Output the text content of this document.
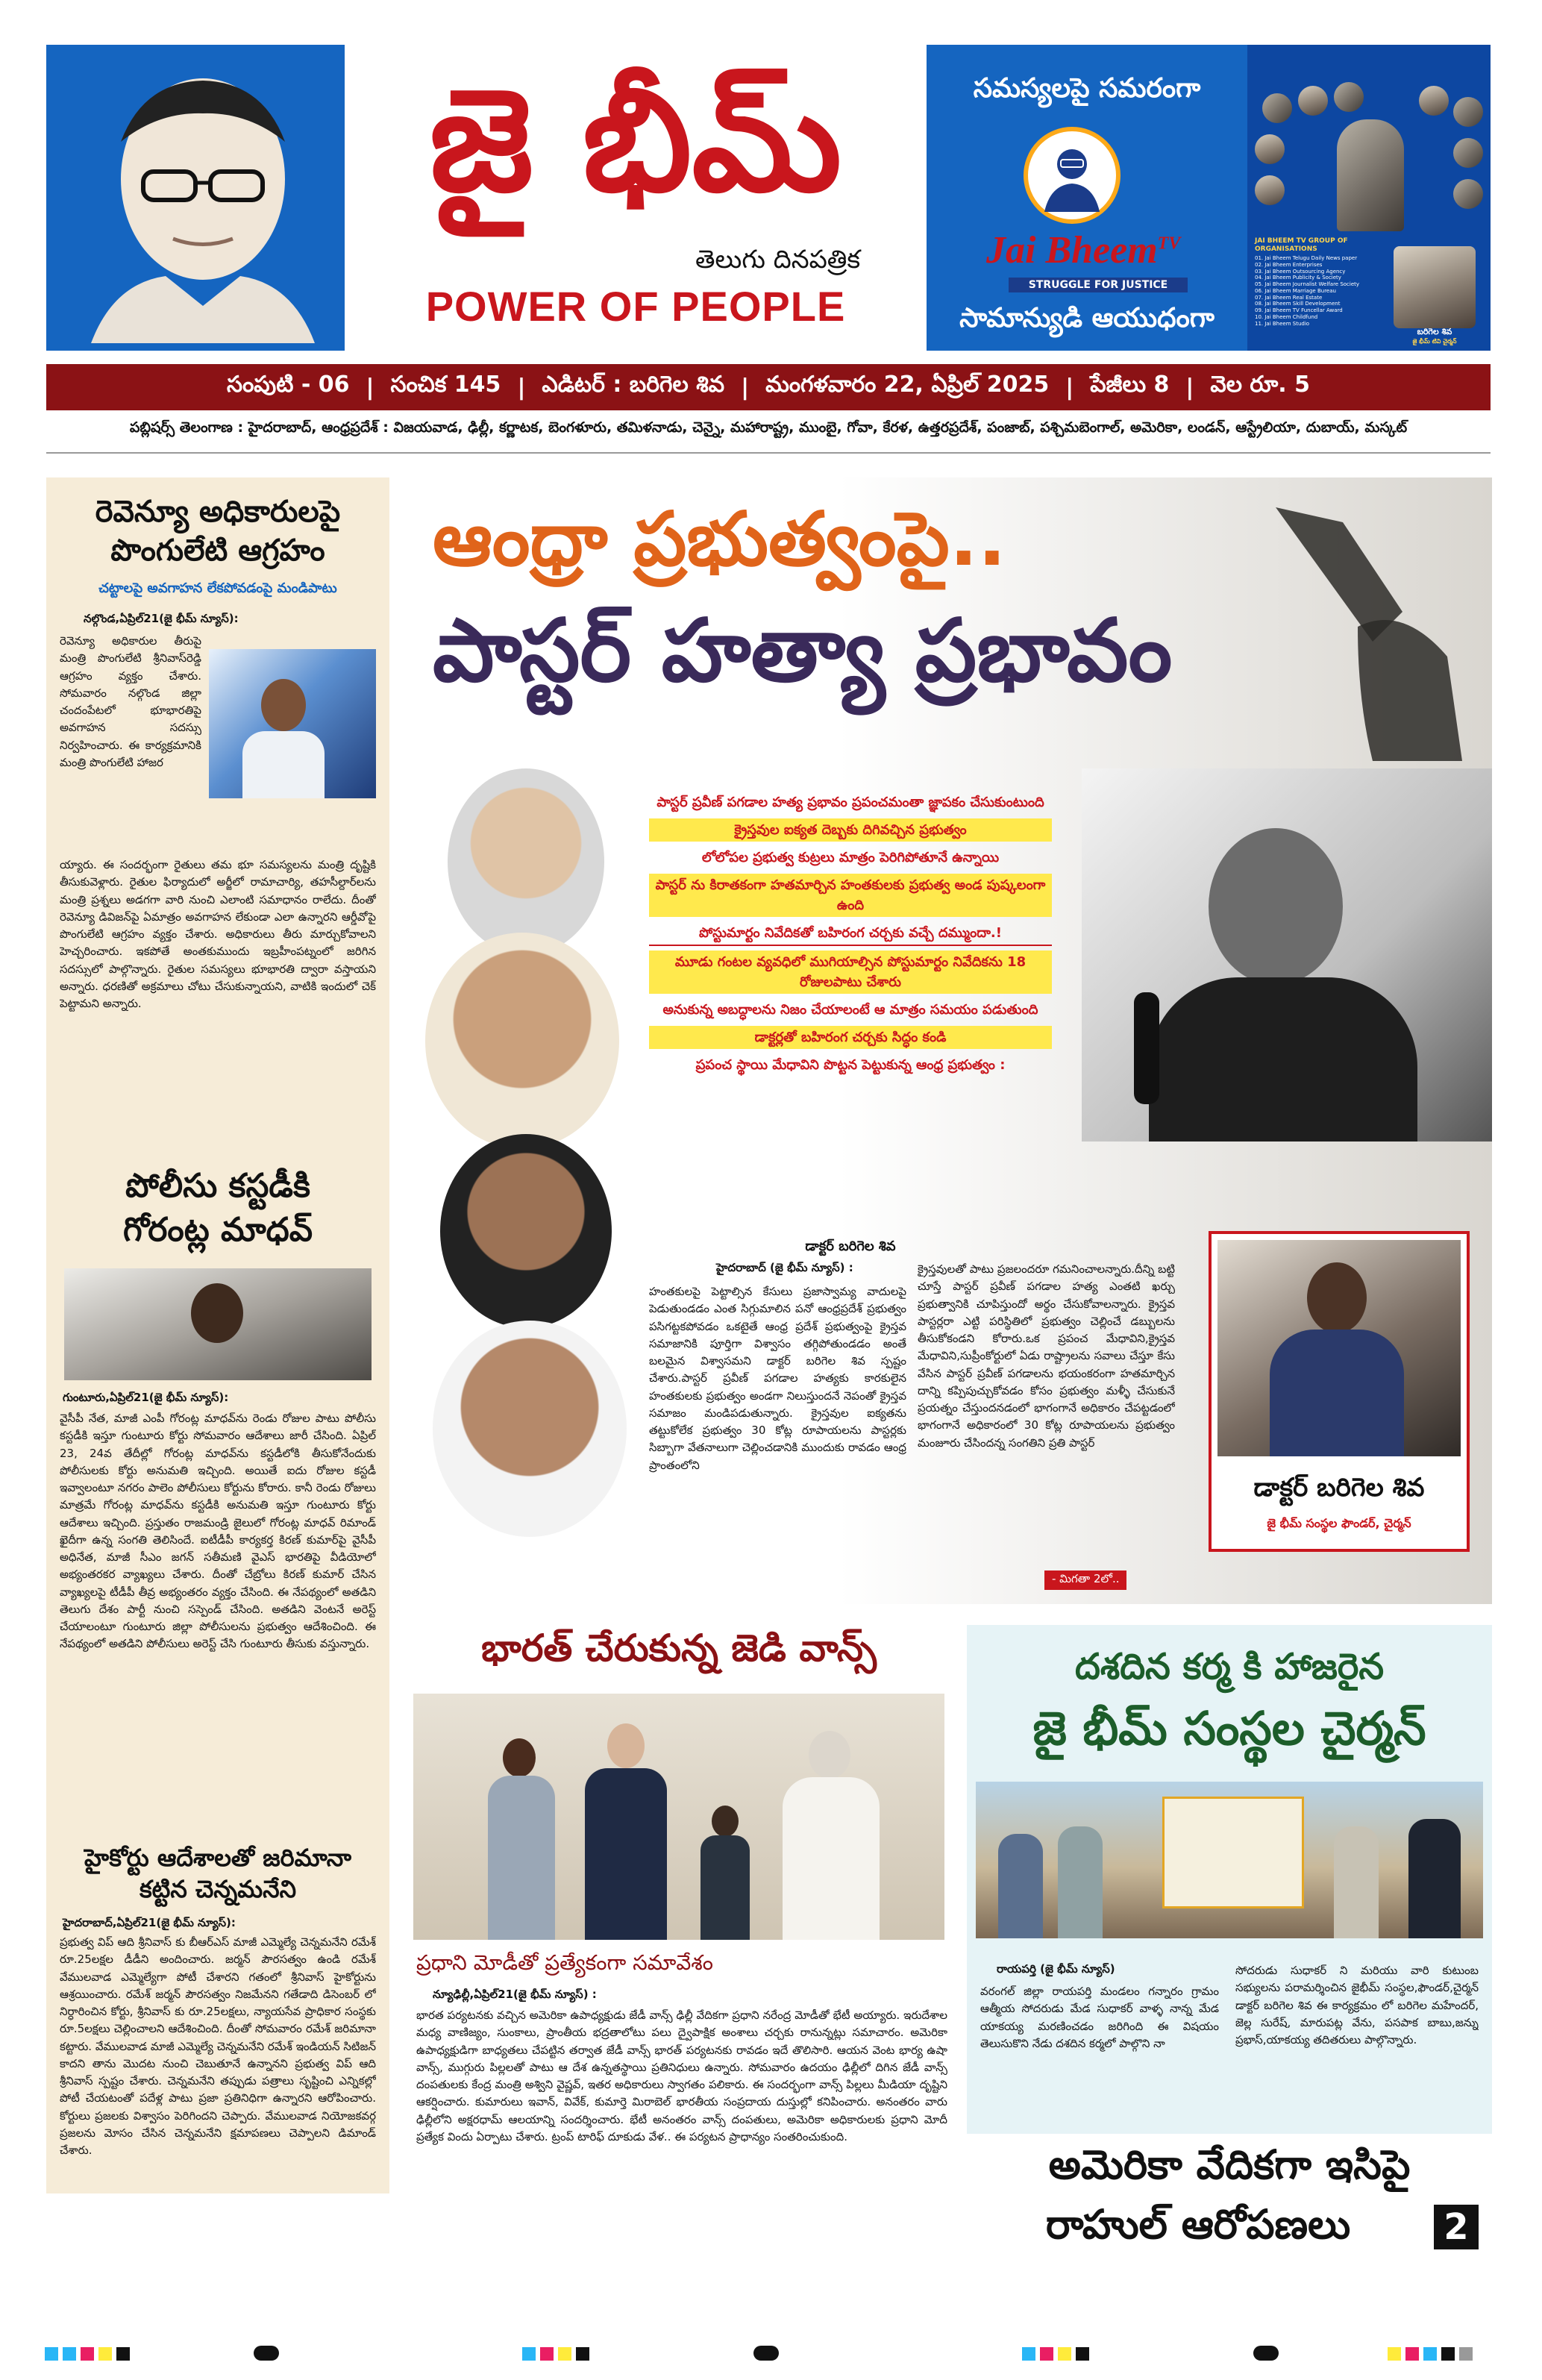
జై భీమ్
తెలుగు దినపత్రిక
POWER OF PEOPLE
సమస్యలపై సమరంగా
Jai Bheem$^{TV}$
STRUGGLE FOR JUSTICE
సామాన్యుడి ఆయుధంగా
JAI BHEEM TV GROUP OF ORGANISATIONS
01. Jai Bheem Telugu Daily News paper
02. Jai Bheem Enterprises
03. Jai Bheem Outsourcing Agency
04. Jai Bheem Publicity & Society
05. Jai Bheem Journalist Welfare Society
06. Jai Bheem Marriage Bureau
07. Jai Bheem Real Estate
08. Jai Bheem Skill Development
09. Jai Bheem TV Funcellar Award
10. Jai Bheem Childfund
11. Jai Bheem Studio
బరిగెల శివ
జై భీమ్ టివి చైర్మన్
సంపుటి - 06 | సంచిక 145 | ఎడిటర్ : బరిగెల శివ | మంగళవారం 22, ఏప్రిల్ 2025 | పేజీలు 8 | వెల రూ. 5
పబ్లిషర్స్ తెలంగాణ : హైదరాబాద్, ఆంధ్రప్రదేశ్ : విజయవాడ, ఢిల్లీ, కర్ణాటక, బెంగళూరు, తమిళనాడు, చెన్నై, మహారాష్ట్ర, ముంబై, గోవా, కేరళ, ఉత్తరప్రదేశ్, పంజాబ్, పశ్చిమబెంగాల్, అమెరికా, లండన్, ఆస్ట్రేలియా, దుబాయ్, మస్కట్
రెవెన్యూ అధికారులపై పొంగులేటి ఆగ్రహం
చట్టాలపై అవగాహన లేకపోవడంపై మండిపాటు
నల్గొండ,ఏప్రిల్21(జై భీమ్ న్యూస్):
రెవెన్యూ అధికారుల తీరుపై మంత్రి పొంగులేటి శ్రీనివాస్‌రెడ్డి ఆగ్రహం వ్యక్తం చేశారు. సోమవారం నల్గొండ జిల్లా చందంపేటలో భూభారతిపై అవగాహన సదస్సు నిర్వహించారు. ఈ కార్యక్రమానికి మంత్రి పొంగులేటి హాజర
య్యారు. ఈ సందర్భంగా రైతులు తమ భూ సమస్యలను మంత్రి దృష్టికి తీసుకువెళ్లారు. రైతుల ఫిర్యాదులో అర్జీలో రామాచార్యి, తహసీల్దార్‌లను మంత్రి ప్రశ్నలు అడగగా వారి నుంచి ఎలాంటి సమాధానం రాలేదు. దీంతో రెవెన్యూ డివిజన్‌పై ఏమాత్రం అవగాహన లేకుండా ఎలా ఉన్నారని ఆర్డీవోపై పొంగులేటి ఆగ్రహం వ్యక్తం చేశారు. అధికారులు తీరు మార్చుకోవాలని హెచ్చరించారు. ఇకపోతే అంతకుముందు ఇబ్రహీంపట్నంలో జరిగిన సదస్సులో పాల్గొన్నారు. రైతుల సమస్యలు భూభారతి ద్వారా వస్తాయని అన్నారు. ధరణితో అక్రమాలు చోటు చేసుకున్నాయని, వాటికి ఇందులో చెక్ పెట్టామని అన్నారు.
పోలీసు కస్టడీకి గోరంట్ల మాధవ్
గుంటూరు,ఏప్రిల్21(జై భీమ్ న్యూస్):
వైసీపీ నేత, మాజీ ఎంపీ గోరంట్ల మాధవ్‌ను రెండు రోజుల పాటు పోలీసు కస్టడీకి ఇస్తూ గుంటూరు కోర్టు సోమవారం ఆదేశాలు జారీ చేసింది. ఏప్రిల్ 23, 24వ తేదీల్లో గోరంట్ల మాధవ్‌ను కస్టడీలోకి తీసుకోనేందుకు పోలీసులకు కోర్టు అనుమతి ఇచ్చింది. అయితే ఐదు రోజుల కస్టడీ ఇవ్వాలంటూ నగరం పాలెం పోలీసులు కోర్టును కోరారు. కానీ రెండు రోజులు మాత్రమే గోరంట్ల మాధవ్‌ను కస్టడీకి అనుమతి ఇస్తూ గుంటూరు కోర్టు ఆదేశాలు ఇచ్చింది. ప్రస్తుతం రాజమండ్రి జైలులో గోరంట్ల మాధవ్ రిమాండ్ ఖైదీగా ఉన్న సంగతి తెలిసిందే. ఐటీడీపీ కార్యకర్త కిరణ్ కుమార్‌పై వైసీపీ అధినేత, మాజీ సీఎం జగన్ సతీమణి వైఎస్ భారతిపై వీడియోలో అభ్యంతరకర వ్యాఖ్యలు చేశారు. దీంతో చేబ్రోలు కిరణ్ కుమార్ చేసిన వ్యాఖ్యలపై టీడీపీ తీవ్ర అభ్యంతరం వ్యక్తం చేసింది. ఈ నేపథ్యంలో అతడిని తెలుగు దేశం పార్టీ నుంచి సస్పెండ్ చేసింది. అతడిని వెంటనే అరెస్ట్ చేయాలంటూ గుంటూరు జిల్లా పోలీసులను ప్రభుత్వం ఆదేశించింది. ఈ నేపథ్యంలో అతడిని పోలీసులు అరెస్ట్ చేసి గుంటూరు తీసుకు వస్తున్నారు.
హైకోర్టు ఆదేశాలతో జరిమానా కట్టిన చెన్నమనేని
హైదరాబాద్,ఏప్రిల్21(జై భీమ్ న్యూస్):
ప్రభుత్వ విప్ ఆది శ్రీనివాస్ కు బీఆర్ఎస్ మాజీ ఎమ్మెల్యే చెన్నమనేని రమేశ్ రూ.25లక్షల డీడీని అందించారు. జర్మన్ పౌరసత్వం ఉండి రమేశ్ వేములవాడ ఎమ్మెల్యేగా పోటీ చేశారని గతంలో శ్రీనివాస్ హైకోర్టును ఆశ్రయించారు. రమేశ్ జర్మన్ పౌరసత్వం నిజమేనని గతేడాది డిసెంబర్ లో నిర్ధారించిన కోర్టు, శ్రీనివాస్ కు రూ.25లక్షలు, న్యాయసేవ ప్రాధికార సంస్థకు రూ.5లక్షలు చెల్లించాలని ఆదేశించింది. దీంతో సోమవారం రమేశ్ జరిమానా కట్టారు. వేములవాడ మాజీ ఎమ్మెల్యే చెన్నమనేని రమేశ్ ఇండియన్ సిటిజన్ కాదని తాను మొదట నుంచి చెబుతూనే ఉన్నానని ప్రభుత్వ విప్ ఆది శ్రీనివాస్ స్పష్టం చేశారు. చెన్నమనేని తప్పుడు పత్రాలు సృష్టించి ఎన్నికల్లో పోటీ చేయటంతో పదేళ్ల పాటు ప్రజా ప్రతినిధిగా ఉన్నారని ఆరోపించారు. కోర్టులు ప్రజలకు విశ్వాసం పెరిగిందని చెప్పారు. వేములవాడ నియోజకవర్గ ప్రజలను మోసం చేసిన చెన్నమనేని క్షమాపణలు చెప్పాలని డిమాండ్ చేశారు.
ఆంధ్రా ప్రభుత్వంపై..
పాస్టర్ హత్యా ప్రభావం
పాస్టర్ ప్రవీణ్ పగడాల హత్య ప్రభావం ప్రపంచమంతా జ్ఞాపకం చేసుకుంటుంది
క్రైస్తవుల ఐక్యత దెబ్బకు దిగివచ్చిన ప్రభుత్వం
లోలోపల ప్రభుత్వ కుట్రలు మాత్రం పెరిగిపోతూనే ఉన్నాయి
పాస్టర్ ను కిరాతకంగా హతమార్చిన హంతకులకు ప్రభుత్వ అండ పుష్కలంగా ఉంది
పోస్టుమార్టం నివేదికతో బహిరంగ చర్చకు వచ్చే దమ్ముందా.!
మూడు గంటల వ్యవధిలో ముగియాల్సిన పోస్టుమార్టం నివేదికను 18 రోజులపాటు చేశారు
అనుకున్న అబద్ధాలను నిజం చేయాలంటే ఆ మాత్రం సమయం పడుతుంది
డాక్టర్లతో బహిరంగ చర్చకు సిద్ధం కండి
ప్రపంచ స్థాయి మేధావిని పొట్టన పెట్టుకున్న ఆంధ్ర ప్రభుత్వం :
డాక్టర్ బరిగెల శివ
హైదరాబాద్ (జై భీమ్ న్యూస్) :
హంతకులపై పెట్టాల్సిన కేసులు ప్రజాస్వామ్య వాదులపై పెడుతుండడం ఎంత సిగ్గుమాలిన పనో ఆంధ్రప్రదేశ్ ప్రభుత్వం పసిగట్టకపోవడం ఒకటైతే ఆంధ్ర ప్రదేశ్ ప్రభుత్వంపై క్రైస్తవ సమాజానికి పూర్తిగా విశ్వాసం తగ్గిపోతుండడం అంతే బలమైన విశ్వాసమని డాక్టర్ బరిగెల శివ స్పష్టం చేశారు.పాస్టర్ ప్రవీణ్ పగడాల హత్యకు కారకులైన హంతకులకు ప్రభుత్వం అండగా నిలుస్తుందనే నెపంతో క్రైస్తవ సమాజం మండిపడుతున్నారు. క్రైస్తవుల ఐక్యతను తట్టుకోలేక ప్రభుత్వం 30 కోట్ల రూపాయలను పాస్టర్లకు సిబ్బాగా వేతనాలుగా చెల్లించడానికి ముందుకు రావడం ఆంధ్ర ప్రాంతంలోని
క్రైస్తవులతో పాటు ప్రజలందరూ గమనించాలన్నారు.దీన్ని బట్టి చూస్తే పాస్టర్ ప్రవీణ్ పగడాల హత్య ఎంతటి ఖర్చు ప్రభుత్వానికి చూపిస్తుందో అర్థం చేసుకోవాలన్నారు. క్రైస్తవ పాస్టర్లరా ఎట్టి పరిస్థితిలో ప్రభుత్వం చెల్లించే డబ్బులను తీసుకోకండని కోరారు.ఒక ప్రపంచ మేధావిని,క్రైస్తవ మేధావిని,సుప్రీంకోర్టులో ఏడు రాష్ట్రాలను సవాలు చేస్తూ కేసు వేసిన పాస్టర్ ప్రవీణ్ పగడాలను భయంకరంగా హతమార్చిన దాన్ని కప్పిపుచ్చుకోవడం కోసం ప్రభుత్వం మళ్ళీ చేసుకునే ప్రయత్నం చేస్తుందనడంలో భాగంగానే అధికారం చేపట్టడంలో భాగంగానే అధికారంలో 30 కోట్ల రూపాయలను ప్రభుత్వం మంజూరు చేసిందన్న సంగతిని ప్రతి పాస్టర్
- మిగతా 2లో..
డాక్టర్ బరిగెల శివ
జై భీమ్ సంస్థల ఫౌండర్, చైర్మన్
భారత్ చేరుకున్న జెడి వాన్స్
ప్రధాని మోడీతో ప్రత్యేకంగా సమావేశం
న్యూఢిల్లీ,ఏప్రిల్21(జై భీమ్ న్యూస్) :
భారత పర్యటనకు వచ్చిన అమెరికా ఉపాధ్యక్షుడు జేడీ వాన్స్ ఢిల్లీ వేదికగా ప్రధాని నరేంద్ర మోడీతో భేటీ అయ్యారు. ఇరుదేశాల మధ్య వాణిజ్యం, సుంకాలు, ప్రాంతీయ భద్రతాలోటు పలు ద్వైపాక్షిక అంశాలు చర్చకు రానున్నట్లు సమాచారం. అమెరికా ఉపాధ్యక్షుడిగా బాధ్యతలు చేపట్టిన తర్వాత జేడీ వాన్స్ భారత్ పర్యటనకు రావడం ఇదే తొలిసారి. ఆయన వెంట భార్య ఉషా వాన్స్, ముగ్గురు పిల్లలతో పాటు ఆ దేశ ఉన్నతస్థాయి ప్రతినిధులు ఉన్నారు. సోమవారం ఉదయం ఢిల్లీలో దిగిన జేడీ వాన్స్ దంపతులకు కేంద్ర మంత్రి అశ్విని వైష్ణవ్, ఇతర అధికారులు స్వాగతం పలికారు. ఈ సందర్భంగా వాన్స్ పిల్లలు మీడియా దృష్టిని ఆకర్షించారు. కుమారులు ఇవాన్, వివేక్, కుమార్తె మిరాబెల్ భారతీయ సంప్రదాయ దుస్తుల్లో కనిపించారు. అనంతరం వారు ఢిల్లీలోని అక్షరధామ్ ఆలయాన్ని సందర్శించారు. భేటీ అనంతరం వాన్స్ దంపతులు, అమెరికా అధికారులకు ప్రధాని మోదీ ప్రత్యేక విందు ఏర్పాటు చేశారు. ట్రంప్ టారిఫ్ దూకుడు వేళ.. ఈ పర్యటన ప్రాధాన్యం సంతరించుకుంది.
దశదిన కర్మ కి హాజరైన
జై భీమ్ సంస్థల చైర్మన్
రాయపర్తి (జై భీమ్ న్యూస్)
వరంగల్ జిల్లా రాయపర్తి మండలం గన్నారం గ్రామం ఆత్మీయ సోదరుడు మేడ సుధాకర్ వాళ్ళ నాన్న మేడ యాకయ్య మరణించడం జరిగింది ఈ విషయం తెలుసుకొని నేడు దశదిన కర్మలో పాల్గొని నా
సోదరుడు సుధాకర్ ని మరియు వారి కుటుంబ సభ్యులను పరామర్శించిన జైభీమ్ సంస్థల,ఫౌండర్,చైర్మన్ డాక్టర్ బరిగెల శివ ఈ కార్యక్రమం లో బరిగెల మహేందర్, జెల్ల సురేష్, మారుపట్ల వేను, పసపాక బాబు,జన్ను ప్రభాస్,యాకయ్య తదితరులు పాల్గొన్నారు.
అమెరికా వేదికగా ఇసిపై
రాహుల్ ఆరోపణలు	2
